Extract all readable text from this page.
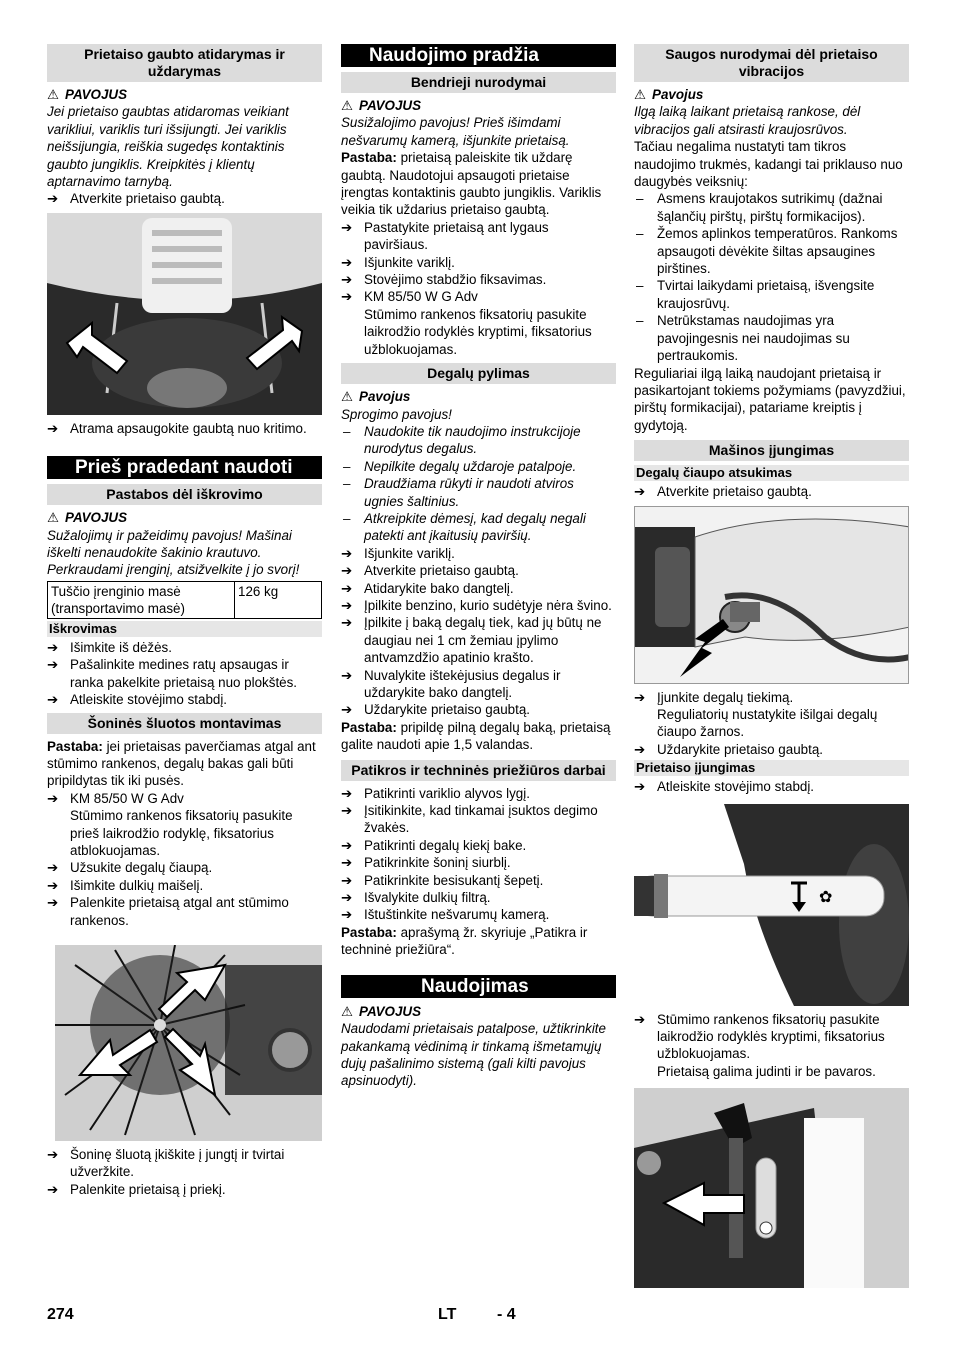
Prietaiso gaubto atidarymas ir uždarymas

⚠ PAVOJUS

Jei prietaiso gaubtas atidaromas veikiant varikliui, variklis turi išsijungti. Jei variklis neišsijungia, reiškia sugedęs kontaktinis gaubto jungiklis. Kreipkitės į klientų aptarnavimo tarnybą.

➔ Atverkite prietaiso gaubtą.

➔ Atrama apsaugokite gaubtą nuo kritimo.

Prieš pradedant naudoti
Pastabos dėl iškrovimo

⚠ PAVOJUS

Sužalojimų ir pažeidimų pavojus! Mašinai iškelti nenaudokite šakinio krautuvo. Perkraudami įrenginį, atsižvelkite į jo svorį!

Tuščio įrenginio masė (transportavimo masė)	126 kg
Iškrovimas

➔ Išimkite iš dėžės.

➔ Pašalinkite medines ratų apsaugas ir ranka pakelkite prietaisą nuo plokštės.

➔ Atleiskite stovėjimo stabdį.

Šoninės šluotos montavimas

Pastaba: jei prietaisas paverčiamas atgal ant stūmimo rankenos, degalų bakas gali būti pripildytas tik iki pusės.

➔ KM 85/50 W G Adv

Stūmimo rankenos fiksatorių pasukite prieš laikrodžio rodyklę, fiksatorius atblokuojamas.

➔ Užsukite degalų čiaupą.

➔ Išimkite dulkių maišelį.

➔ Palenkite prietaisą atgal ant stūmimo rankenos.

➔ Šoninę šluotą įkiškite į jungtį ir tvirtai užveržkite.

➔ Palenkite prietaisą į priekį.

Naudojimo pradžia
Bendrieji nurodymai

⚠ PAVOJUS

Susižalojimo pavojus! Prieš išimdami nešvarumų kamerą, išjunkite prietaisą.

Pastaba: prietaisą paleiskite tik uždarę gaubtą. Naudotojui apsaugoti prietaise įrengtas kontaktinis gaubto jungiklis. Variklis veikia tik uždarius prietaiso gaubtą.

➔ Pastatykite prietaisą ant lygaus paviršiaus.

➔ Išjunkite variklį.

➔ Stovėjimo stabdžio fiksavimas.

➔ KM 85/50 W G Adv

Stūmimo rankenos fiksatorių pasukite laikrodžio rodyklės kryptimi, fiksatorius užblokuojamas.

Degalų pylimas

⚠ Pavojus

Sprogimo pavojus!

– Naudokite tik naudojimo instrukcijoje nurodytus degalus.

– Nepilkite degalų uždaroje patalpoje.

– Draudžiama rūkyti ir naudoti atviros ugnies šaltinius.

– Atkreipkite dėmesį, kad degalų negali patekti ant įkaitusių paviršių.

➔ Išjunkite variklį.

➔ Atverkite prietaiso gaubtą.

➔ Atidarykite bako dangtelį.

➔ Įpilkite benzino, kurio sudėtyje nėra švino.

➔ Įpilkite į baką degalų tiek, kad jų būtų ne daugiau nei 1 cm žemiau įpylimo antvamzdžio apatinio krašto.

➔ Nuvalykite ištekėjusius degalus ir uždarykite bako dangtelį.

➔ Uždarykite prietaiso gaubtą.

Pastaba: pripildę pilną degalų baką, prietaisą galite naudoti apie 1,5 valandas.

Patikros ir techninės priežiūros darbai

➔ Patikrinti variklio alyvos lygį.

➔ Įsitikinkite, kad tinkamai įsuktos degimo žvakės.

➔ Patikrinti degalų kiekį bake.

➔ Patikrinkite šoninį siurblį.

➔ Patikrinkite besisukantį šepetį.

➔ Išvalykite dulkių filtrą.

➔ Ištuštinkite nešvarumų kamerą.

Pastaba: aprašymą žr. skyriuje „Patikra ir techninė priežiūra“.

Naudojimas

⚠ PAVOJUS

Naudodami prietaisais patalpose, užtikrinkite pakankamą vėdinimą ir tinkamą išmetamųjų dujų pašalinimo sistemą (gali kilti pavojus apsinuodyti).

Saugos nurodymai dėl prietaiso vibracijos

⚠ Pavojus

Ilgą laiką laikant prietaisą rankose, dėl vibracijos gali atsirasti kraujosrūvos.

Tačiau negalima nustatyti tam tikros naudojimo trukmės, kadangi tai priklauso nuo daugybės veiksnių:

– Asmens kraujotakos sutrikimų (dažnai šąlančių pirštų, pirštų formikacijos).

– Žemos aplinkos temperatūros. Rankoms apsaugoti dėvėkite šiltas apsaugines pirštines.

– Tvirtai laikydami prietaisą, išvengsite kraujosrūvų.

– Netrūkstamas naudojimas yra pavojingesnis nei naudojimas su pertraukomis.

Reguliariai ilgą laiką naudojant prietaisą ir pasikartojant tokiems požymiams (pavyzdžiui, pirštų formikacijai), patariame kreiptis į gydytoją.

Mašinos įjungimas
Degalų čiaupo atsukimas

➔ Atverkite prietaiso gaubtą.

➔ Įjunkite degalų tiekimą.

Reguliatorių nustatykite išilgai degalų čiaupo žarnos.

➔ Uždarykite prietaiso gaubtą.

Prietaiso įjungimas

➔ Atleiskite stovėjimo stabdį.

✿

➔ Stūmimo rankenos fiksatorių pasukite laikrodžio rodyklės kryptimi, fiksatorius užblokuojamas.

Prietaisą galima judinti ir be pavaros.

274	LT	- 4
